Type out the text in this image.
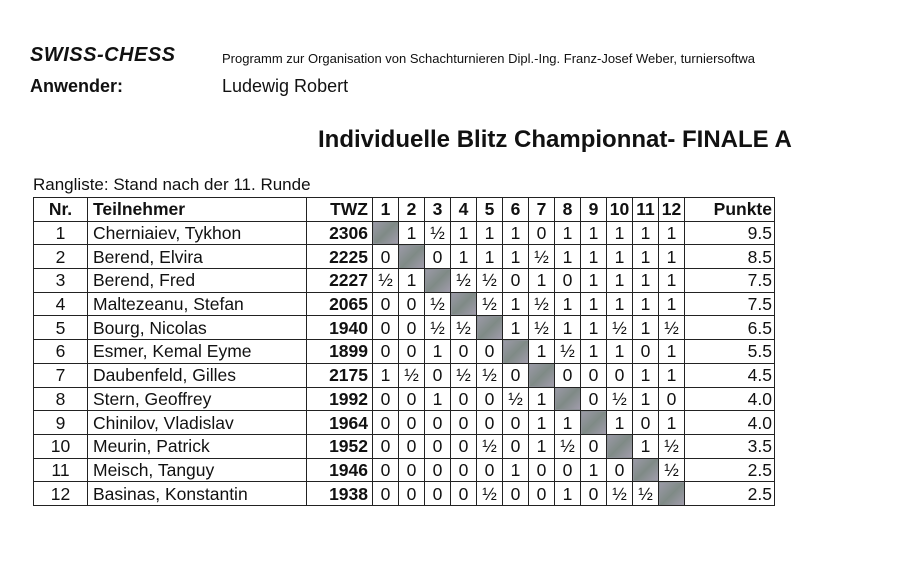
SWISS-CHESS	Programm zur Organisation von Schachturnieren Dipl.-Ing. Franz-Josef Weber, turniersoftwa
Anwender:	Ludewig Robert
Individuelle Blitz Championnat- FINALE A
Rangliste: Stand nach der 11. Runde
Nr.	Teilnehmer	TWZ	1	2	3	4	5	6	7	8	9	10	11	12	Punkte
1	Cherniaiev, Tykhon	2306		1	½	1	1	1	0	1	1	1	1	1	9.5
2	Berend, Elvira	2225	0		0	1	1	1	½	1	1	1	1	1	8.5
3	Berend, Fred	2227	½	1		½	½	0	1	0	1	1	1	1	7.5
4	Maltezeanu, Stefan	2065	0	0	½		½	1	½	1	1	1	1	1	7.5
5	Bourg, Nicolas	1940	0	0	½	½		1	½	1	1	½	1	½	6.5
6	Esmer, Kemal Eyme	1899	0	0	1	0	0		1	½	1	1	0	1	5.5
7	Daubenfeld, Gilles	2175	1	½	0	½	½	0		0	0	0	1	1	4.5
8	Stern, Geoffrey	1992	0	0	1	0	0	½	1		0	½	1	0	4.0
9	Chinilov, Vladislav	1964	0	0	0	0	0	0	1	1		1	0	1	4.0
10	Meurin, Patrick	1952	0	0	0	0	½	0	1	½	0		1	½	3.5
11	Meisch, Tanguy	1946	0	0	0	0	0	1	0	0	1	0		½	2.5
12	Basinas, Konstantin	1938	0	0	0	0	½	0	0	1	0	½	½		2.5
